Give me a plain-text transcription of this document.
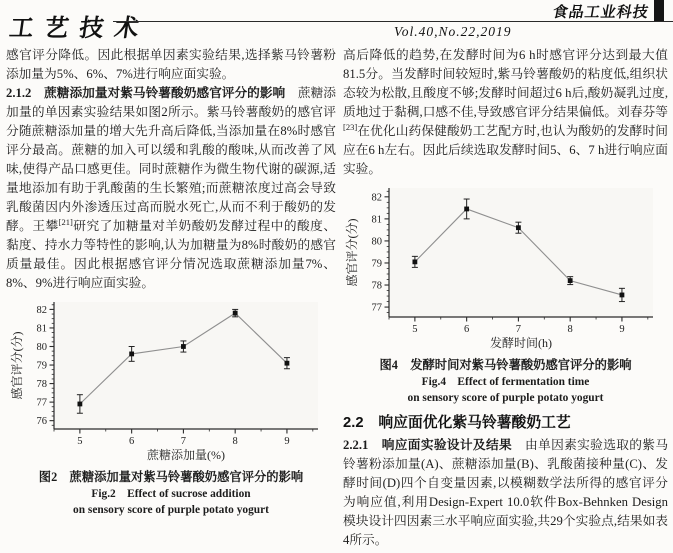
工艺技术
食品工业科技
Vol.40,No.22,2019

感官评分降低。因此根据单因素实验结果,选择紫马铃薯粉添加量为5%、6%、7%进行响应面实验。

2.1.2　蔗糖添加量对紫马铃薯酸奶感官评分的影响　蔗糖添加量的单因素实验结果如图2所示。紫马铃薯酸奶的感官评分随蔗糖添加量的增大先升高后降低,当添加量在8%时感官评分最高。蔗糖的加入可以缓和乳酸的酸味,从而改善了风味,使得产品口感更佳。同时蔗糖作为微生物代谢的碳源,适量地添加有助于乳酸菌的生长繁殖;而蔗糖浓度过高会导致乳酸菌因内外渗透压过高而脱水死亡,从而不利于酸奶的发酵。王攀[21]研究了加糖量对羊奶酸奶发酵过程中的酸度、黏度、持水力等特性的影响,认为加糖量为8%时酸奶的感官质量最佳。因此根据感官评分情况选取蔗糖添加量7%、8%、9%进行响应面实验。

76
77
78
79
80
81
82
5	6	7	8	9
蔗糖添加量(%)
感官评分(分)
图2　蔗糖添加量对紫马铃薯酸奶感官评分的影响
Fig.2　Effect of sucrose addition
on sensory score of purple potato yogurt

高后降低的趋势,在发酵时间为6 h时感官评分达到最大值81.5分。当发酵时间较短时,紫马铃薯酸奶的粘度低,组织状态较为松散,且酸度不够;发酵时间超过6 h后,酸奶凝乳过度,质地过于黏稠,口感不佳,导致感官评分结果偏低。刘春芬等[23]在优化山药保健酸奶工艺配方时,也认为酸奶的发酵时间应在6 h左右。因此后续选取发酵时间5、6、7 h进行响应面实验。

77
78
79
80
81
82
5	6	7	8	9
发酵时间(h)
感官评分(分)
图4　发酵时间对紫马铃薯酸奶感官评分的影响
Fig.4　Effect of fermentation time
on sensory score of purple potato yogurt
2.2　响应面优化紫马铃薯酸奶工艺

2.2.1　响应面实验设计及结果　由单因素实验选取的紫马铃薯粉添加量(A)、蔗糖添加量(B)、乳酸菌接种量(C)、发酵时间(D)四个自变量因素,以模糊数学法所得的感官评分为响应值,利用Design-Expert 10.0软件Box-Behnken Design模块设计四因素三水平响应面实验,共29个实验点,结果如表4所示。
